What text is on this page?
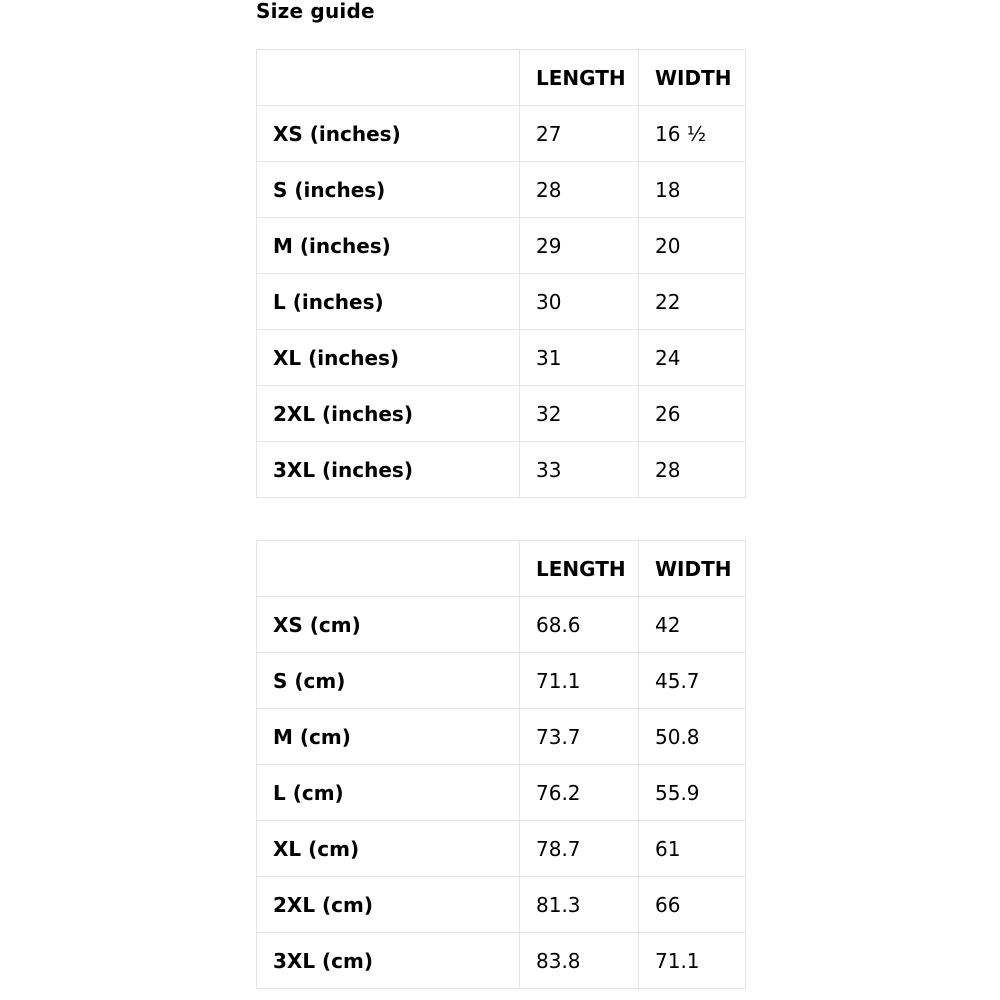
Size guide
	LENGTH	WIDTH
XS (inches)	27	16 ½
S (inches)	28	18
M (inches)	29	20
L (inches)	30	22
XL (inches)	31	24
2XL (inches)	32	26
3XL (inches)	33	28
	LENGTH	WIDTH
XS (cm)	68.6	42
S (cm)	71.1	45.7
M (cm)	73.7	50.8
L (cm)	76.2	55.9
XL (cm)	78.7	61
2XL (cm)	81.3	66
3XL (cm)	83.8	71.1
